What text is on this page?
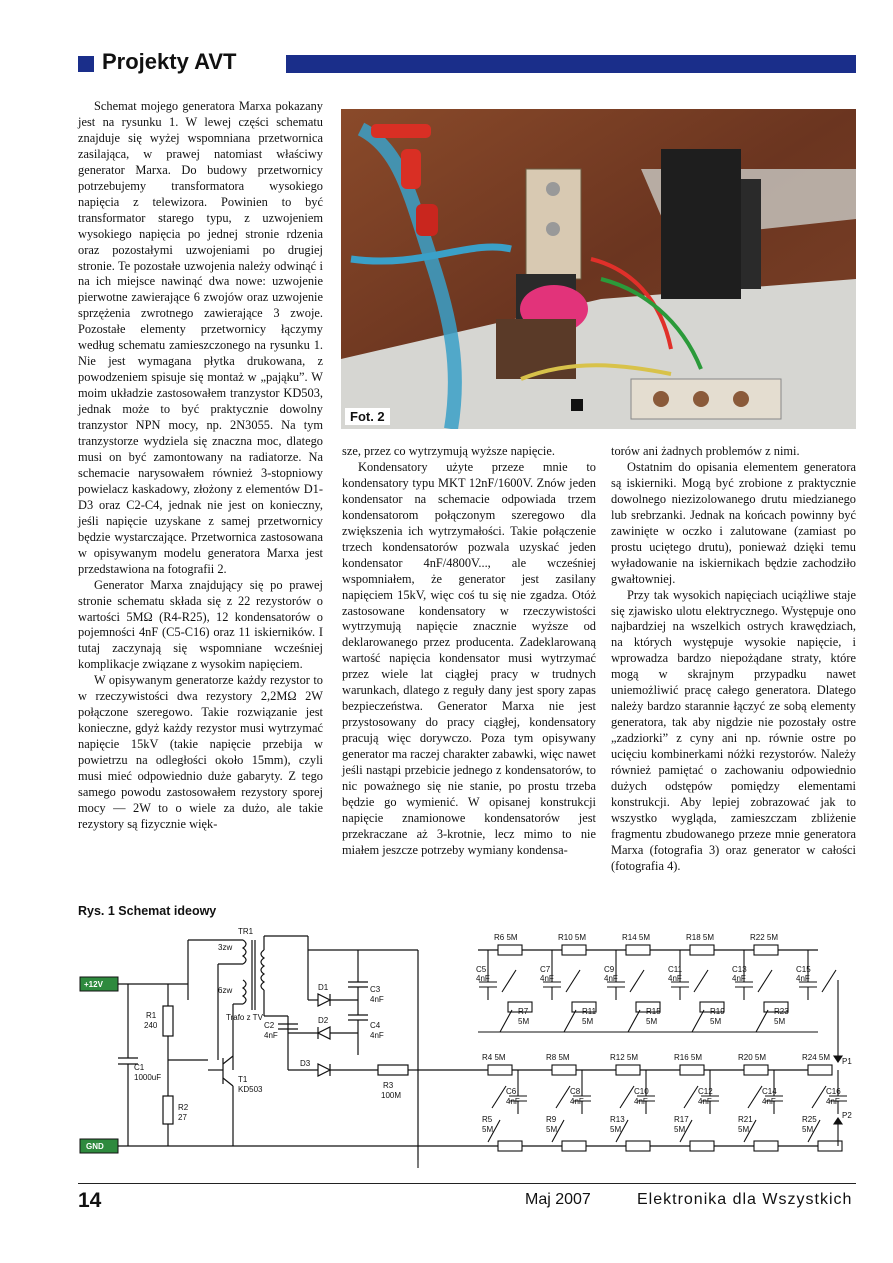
Projekty AVT

Schemat mojego generatora Marxa pokazany jest na rysunku 1. W lewej części schematu znajduje się wyżej wspomniana przetwornica zasilająca, w prawej natomiast właściwy generator Marxa. Do budowy przetwornicy potrzebujemy transformatora wysokiego napięcia z telewizora. Powinien to być transformator starego typu, z uzwojeniem wysokiego napięcia po jednej stronie rdzenia oraz pozostałymi uzwojeniami po drugiej stronie. Te pozostałe uzwojenia należy odwinąć i na ich miejsce nawinąć dwa nowe: uzwojenie pierwotne zawierające 6 zwojów oraz uzwojenie sprzężenia zwrotnego zawierające 3 zwoje. Pozostałe elementy przetwornicy łączymy według schematu zamieszczonego na rysunku 1. Nie jest wymagana płytka drukowana, z powodzeniem spisuje się montaż w „pająku”. W moim układzie zastosowałem tranzystor KD503, jednak może to być praktycznie dowolny tranzystor NPN mocy, np. 2N3055. Na tym tranzystorze wydziela się znaczna moc, dlatego musi on być zamontowany na radiatorze. Na schemacie narysowałem również 3-stopniowy powielacz kaskadowy, złożony z elementów D1-D3 oraz C2-C4, jednak nie jest on konieczny, jeśli napięcie uzyskane z samej przetwornicy będzie wystarczające. Przetwornica zastosowana w opisywanym modelu generatora Marxa jest przedstawiona na fotografii 2.

Generator Marxa znajdujący się po prawej stronie schematu składa się z 22 rezystorów o wartości 5MΩ (R4-R25), 12 kondensatorów o pojemności 4nF (C5-C16) oraz 11 iskierników. I tutaj zaczynają się wspomniane wcześniej komplikacje związane z wysokim napięciem.

W opisywanym generatorze każdy rezystor to w rzeczywistości dwa rezystory 2,2MΩ 2W połączone szeregowo. Takie rozwiązanie jest konieczne, gdyż każdy rezystor musi wytrzymać napięcie 15kV (takie napięcie przebija w powietrzu na odległości około 15mm), czyli musi mieć odpowiednio duże gabaryty. Z tego samego powodu zastosowałem rezystory sporej mocy — 2W to o wiele za dużo, ale takie rezystory są fizycznie więk-

Fot. 2

sze, przez co wytrzymują wyższe napięcie.

Kondensatory użyte przeze mnie to kondensatory typu MKT 12nF/1600V. Znów jeden kondensator na schemacie odpowiada trzem kondensatorom połączonym szeregowo dla zwiększenia ich wytrzymałości. Takie połączenie trzech kondensatorów pozwala uzyskać jeden kondensator 4nF/4800V..., ale wcześniej wspomniałem, że generator jest zasilany napięciem 15kV, więc coś tu się nie zgadza. Otóż zastosowane kondensatory w rzeczywistości wytrzymują napięcie znacznie wyższe od deklarowanego przez producenta. Zadeklarowaną wartość napięcia kondensator musi wytrzymać przez wiele lat ciągłej pracy w trudnych warunkach, dlatego z reguły dany jest spory zapas bezpieczeństwa. Generator Marxa nie jest przystosowany do pracy ciągłej, kondensatory pracują więc dorywczo. Poza tym opisywany generator ma raczej charakter zabawki, więc nawet jeśli nastąpi przebicie jednego z kondensatorów, to nic poważnego się nie stanie, po prostu trzeba będzie go wymienić. W opisanej konstrukcji napięcie znamionowe kondensatorów jest przekraczane aż 3-krotnie, lecz mimo to nie miałem jeszcze potrzeby wymiany kondensa-

torów ani żadnych problemów z nimi.

Ostatnim do opisania elementem generatora są iskierniki. Mogą być zrobione z praktycznie dowolnego niezizolowanego drutu miedzianego lub srebrzanki. Jednak na końcach powinny być zawinięte w oczko i zalutowane (zamiast po prostu uciętego drutu), ponieważ dzięki temu wyładowanie na iskiernikach będzie zachodziło gwałtowniej.

Przy tak wysokich napięciach uciążliwe staje się zjawisko ulotu elektrycznego. Występuje ono najbardziej na wszelkich ostrych krawędziach, na których występuje wysokie napięcie, i wprowadza bardzo niepożądane straty, które mogą w skrajnym przypadku nawet uniemożliwić pracę całego generatora. Dlatego należy bardzo starannie łączyć ze sobą elementy generatora, tak aby nigdzie nie pozostały ostre „zadziorki” z cyny ani np. równie ostre po ucięciu kombinerkami nóżki rezystorów. Należy również pamiętać o zachowaniu odpowiednio dużych odstępów pomiędzy elementami konstrukcji. Aby lepiej zobrazować jak to wszystko wygląda, zamieszczam zbliżenie fragmentu zbudowanego przeze mnie generatora Marxa (fotografia 3) oraz generator w całości (fotografia 4).

Rys. 1 Schemat ideowy
+12V
GND
TR1
3zw
6zw
Trafo z TV
R1
240
C1
1000uF
R2
27
T1
KD503
C2
4nF
D1
D2
D3
C3
4nF
C4
4nF
R3
100M
P1
P2
R6 5M	R10 5M	R14 5M	R18 5M	R22 5M
C5
4nF
C7
4nF
C9
4nF
C11
4nF
C13
4nF
C15
4nF
R7
5M
R11
5M
R15
5M
R19
5M
R23
5M
R4 5M	R8 5M	R12 5M	R16 5M	R20 5M	R24 5M
C6
4nF
C8
4nF
C10
4nF
C12
4nF
C14
4nF
C16
4nF
R5
5M
R9
5M
R13
5M
R17
5M
R21
5M
R25
5M
14	Maj 2007	Elektronika dla Wszystkich
